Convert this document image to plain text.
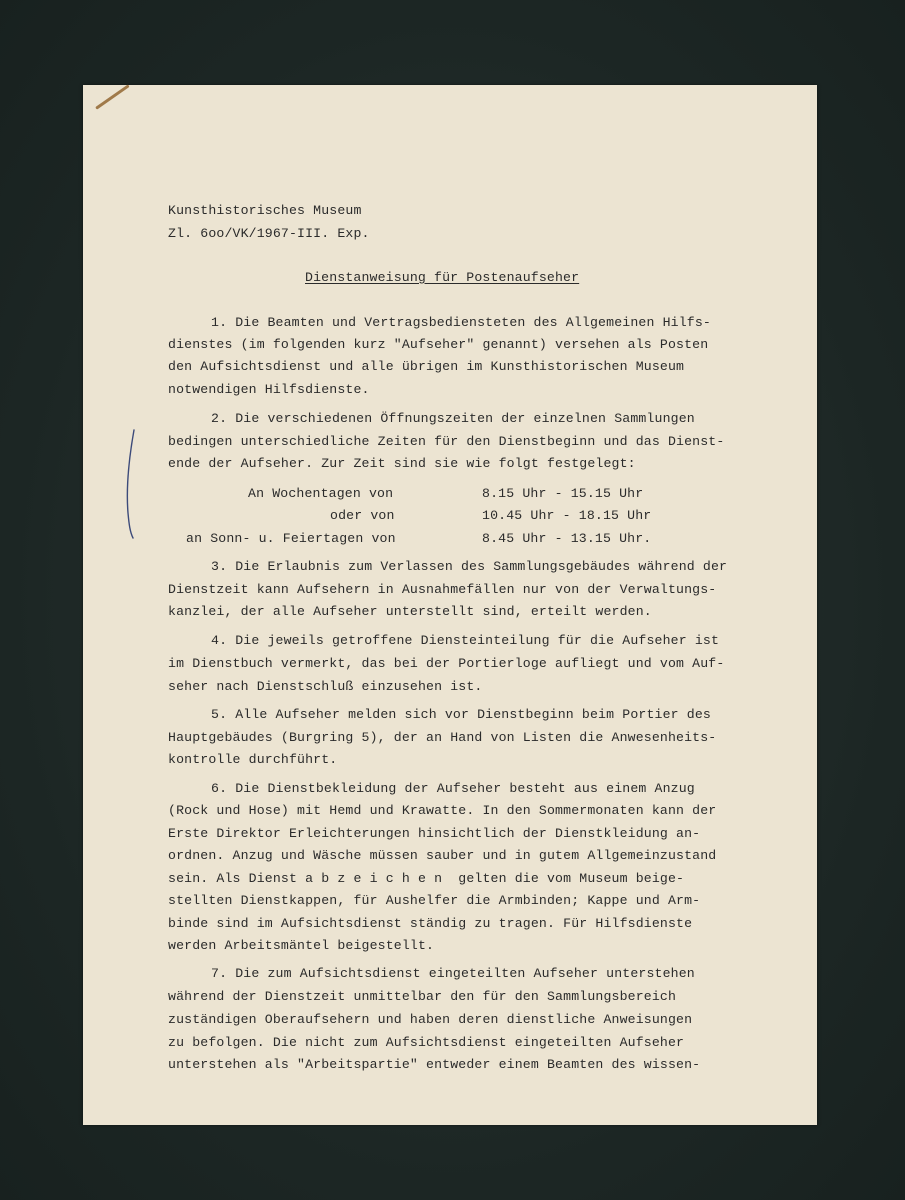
Kunsthistorisches Museum
Zl. 6oo/VK/1967-III. Exp.
Dienstanweisung für Postenaufseher
1. Die Beamten und Vertragsbediensteten des Allgemeinen Hilfs-
dienstes (im folgenden kurz "Aufseher" genannt) versehen als Posten
den Aufsichtsdienst und alle übrigen im Kunsthistorischen Museum
notwendigen Hilfsdienste.
2. Die verschiedenen Öffnungszeiten der einzelnen Sammlungen
bedingen unterschiedliche Zeiten für den Dienstbeginn und das Dienst-
ende der Aufseher. Zur Zeit sind sie wie folgt festgelegt:
An Wochentagen von	8.15 Uhr - 15.15 Uhr
oder von	10.45 Uhr - 18.15 Uhr
an Sonn- u. Feiertagen von	8.45 Uhr - 13.15 Uhr.
3. Die Erlaubnis zum Verlassen des Sammlungsgebäudes während der
Dienstzeit kann Aufsehern in Ausnahmefällen nur von der Verwaltungs-
kanzlei, der alle Aufseher unterstellt sind, erteilt werden.
4. Die jeweils getroffene Diensteinteilung für die Aufseher ist
im Dienstbuch vermerkt, das bei der Portierloge aufliegt und vom Auf-
seher nach Dienstschluß einzusehen ist.
5. Alle Aufseher melden sich vor Dienstbeginn beim Portier des
Hauptgebäudes (Burgring 5), der an Hand von Listen die Anwesenheits-
kontrolle durchführt.
6. Die Dienstbekleidung der Aufseher besteht aus einem Anzug
(Rock und Hose) mit Hemd und Krawatte. In den Sommermonaten kann der
Erste Direktor Erleichterungen hinsichtlich der Dienstkleidung an-
ordnen. Anzug und Wäsche müssen sauber und in gutem Allgemeinzustand
sein. Als Dienst a b z e i c h e n  gelten die vom Museum beige-
stellten Dienstkappen, für Aushelfer die Armbinden; Kappe und Arm-
binde sind im Aufsichtsdienst ständig zu tragen. Für Hilfsdienste
werden Arbeitsmäntel beigestellt.
7. Die zum Aufsichtsdienst eingeteilten Aufseher unterstehen
während der Dienstzeit unmittelbar den für den Sammlungsbereich
zuständigen Oberaufsehern und haben deren dienstliche Anweisungen
zu befolgen. Die nicht zum Aufsichtsdienst eingeteilten Aufseher
unterstehen als "Arbeitspartie" entweder einem Beamten des wissen-
